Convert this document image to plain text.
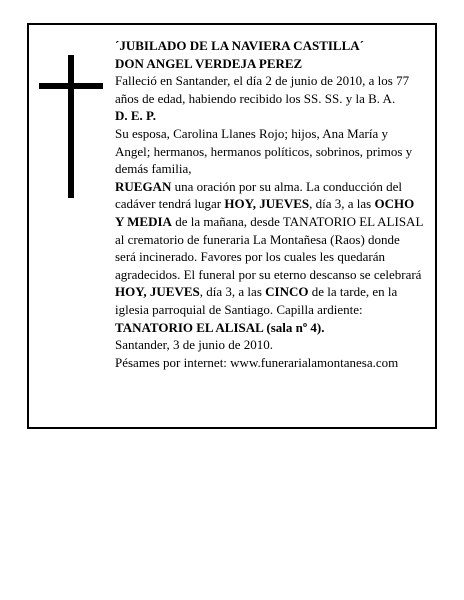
´JUBILADO DE LA NAVIERA CASTILLA´

DON ANGEL VERDEJA PEREZ

Falleció en Santander, el día 2 de junio de 2010, a los 77 años de edad, habiendo recibido los SS. SS. y la B. A.

D. E. P.

Su esposa, Carolina Llanes Rojo; hijos, Ana María y Angel; hermanos, hermanos políticos, sobrinos, primos y demás familia,

RUEGAN una oración por su alma. La conducción del cadáver tendrá lugar HOY, JUEVES, día 3, a las OCHO Y MEDIA de la mañana, desde TANATORIO EL ALISAL al crematorio de funeraria La Montañesa (Raos) donde será incinerado. Favores por los cuales les quedarán agradecidos. El funeral por su eterno descanso se celebrará HOY, JUEVES, día 3, a las CINCO de la tarde, en la iglesia parroquial de Santiago. Capilla ardiente: TANATORIO EL ALISAL (sala nº 4).

Santander, 3 de junio de 2010.

Pésames por internet: www.funerarialamontanesa.com
